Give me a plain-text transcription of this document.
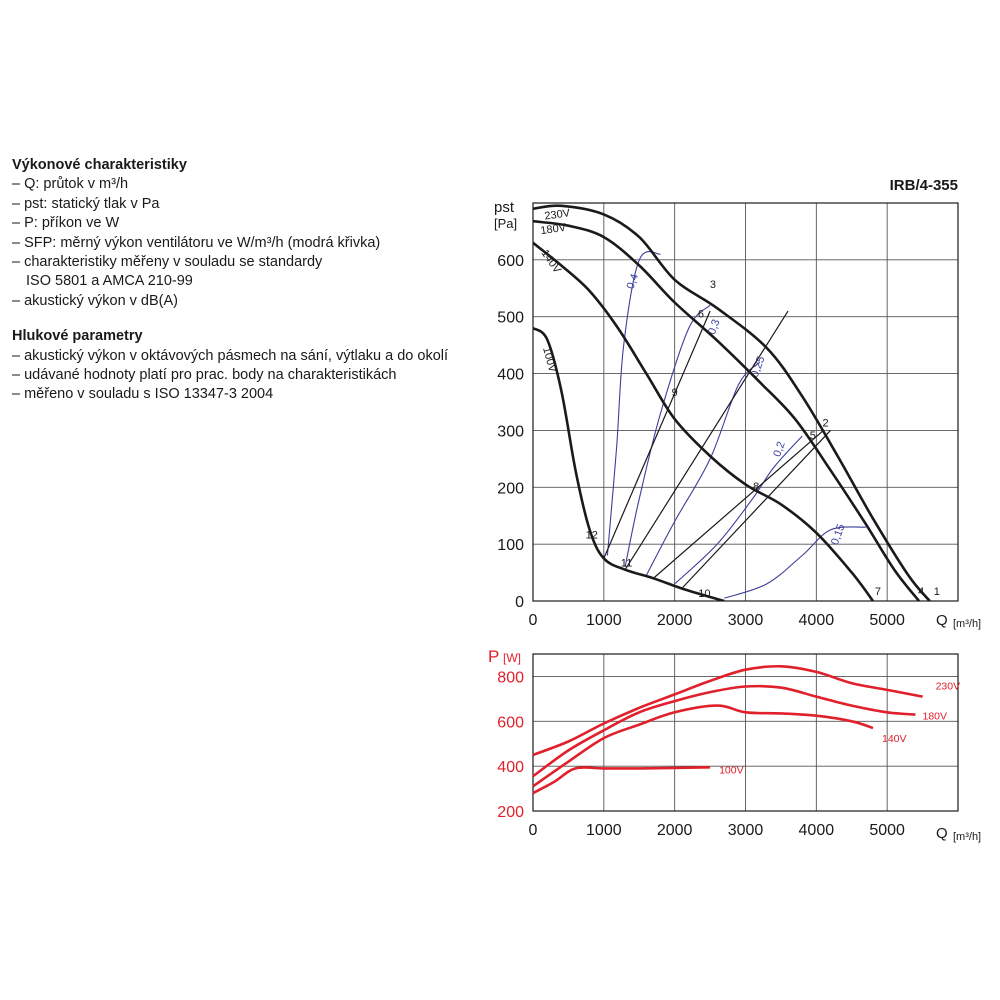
Výkonové charakteristiky
– Q: průtok v m³/h
– pst: statický tlak v Pa
– P: příkon ve W
– SFP: měrný výkon ventilátoru ve W/m³/h (modrá křivka)
– charakteristiky měřeny v souladu se standardy
ISO 5801 a AMCA 210-99
– akustický výkon v dB(A)
Hlukové parametry
– akustický výkon v oktávových pásmech na sání, výtlaku a do okolí
– udávané hodnoty platí pro prac. body na charakteristikách
– měřeno v souladu s ISO 13347-3 2004
IRB/4-355
pst
[Pa]
Q [m³/h]
P [W]
Q [m³/h]
0	1000 2000 3000 4000 5000
0
100
200
300
400
500
600
0,4
0,3
0,25
0,2
0,15
230V
180V
140V
100V
1
2
3
4
5
6
7
8
9
10
11
12
0	1000 2000 3000 4000 5000
200
400
600
800
230V
180V
140V
100V
